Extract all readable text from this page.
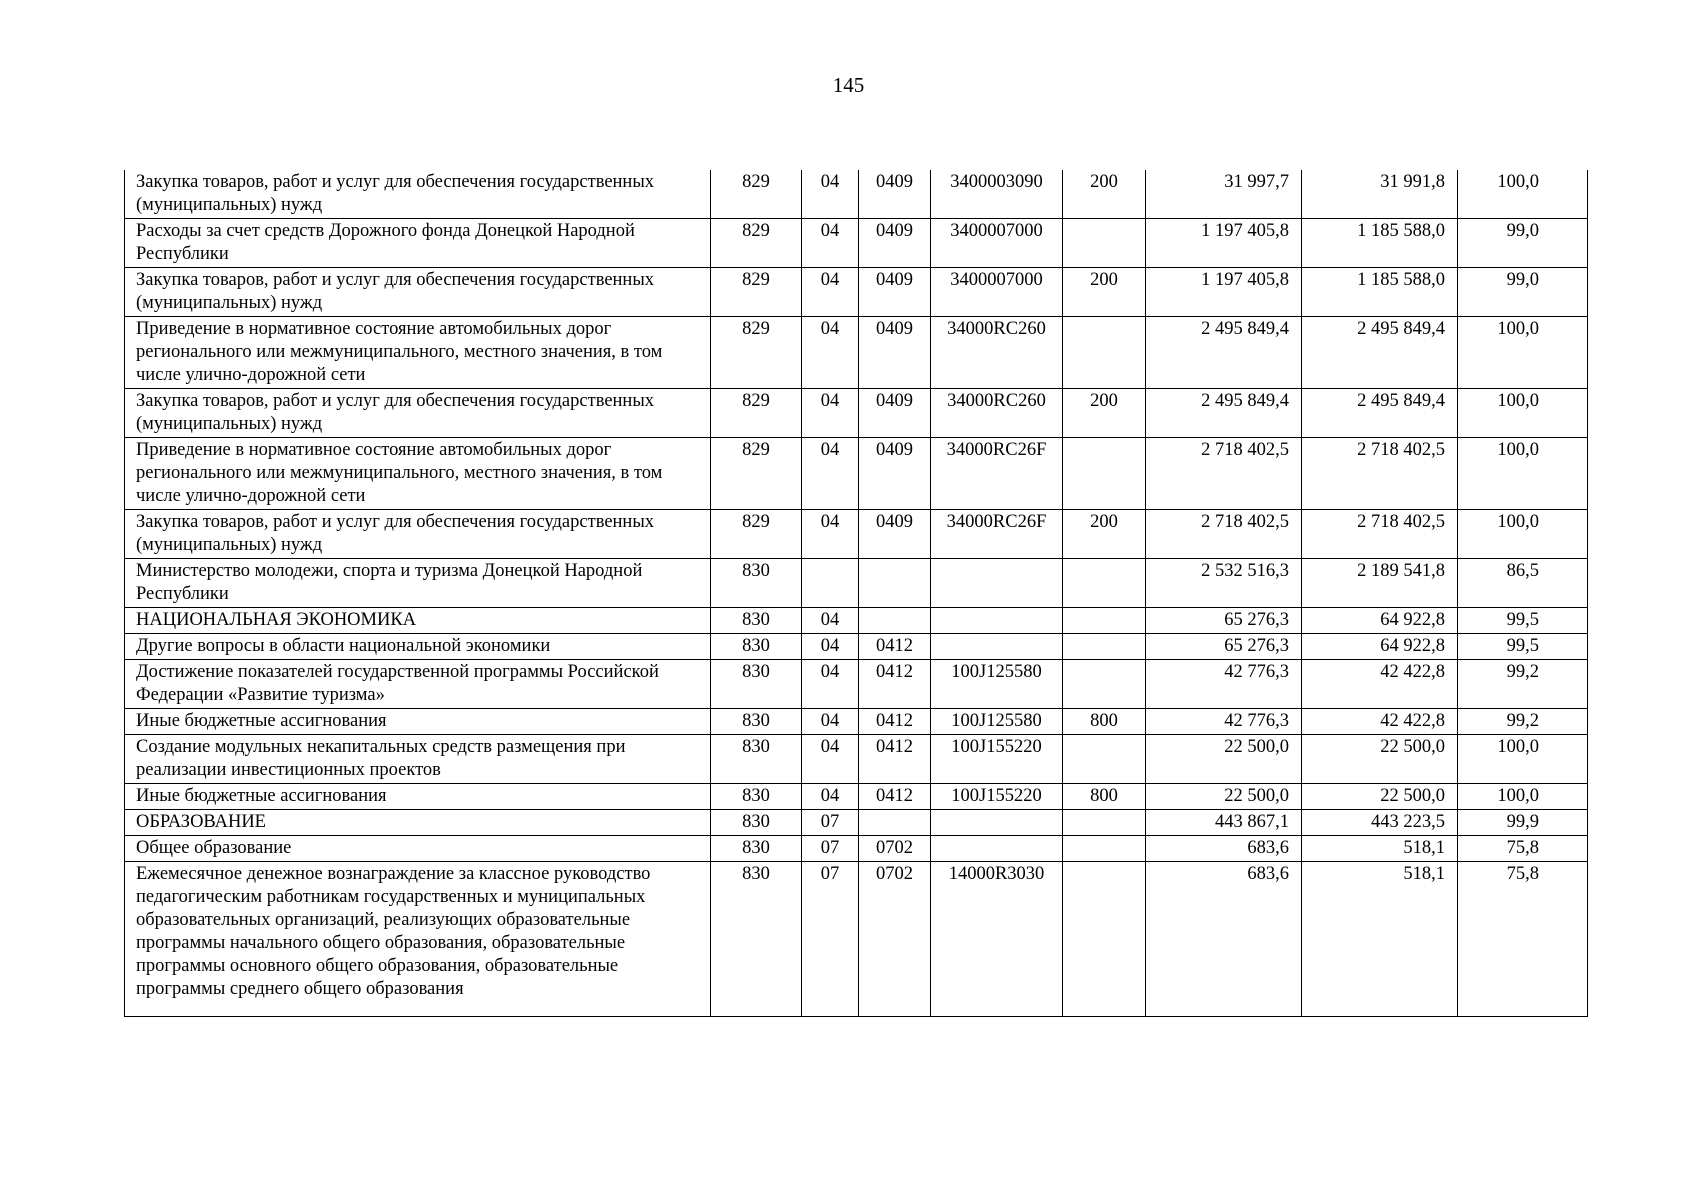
145
Закупка товаров, работ и услуг для обеспечения государственных (муниципальных) нужд	829	04	0409	3400003090	200	31 997,7	31 991,8	100,0
Расходы за счет средств Дорожного фонда Донецкой Народной Республики	829	04	0409	3400007000		1 197 405,8	1 185 588,0	99,0
Закупка товаров, работ и услуг для обеспечения государственных (муниципальных) нужд	829	04	0409	3400007000	200	1 197 405,8	1 185 588,0	99,0
Приведение в нормативное состояние автомобильных дорог регионального или межмуниципального, местного значения, в том числе улично-дорожной сети	829	04	0409	34000RC260		2 495 849,4	2 495 849,4	100,0
Закупка товаров, работ и услуг для обеспечения государственных (муниципальных) нужд	829	04	0409	34000RC260	200	2 495 849,4	2 495 849,4	100,0
Приведение в нормативное состояние автомобильных дорог регионального или межмуниципального, местного значения, в том числе улично-дорожной сети	829	04	0409	34000RC26F		2 718 402,5	2 718 402,5	100,0
Закупка товаров, работ и услуг для обеспечения государственных (муниципальных) нужд	829	04	0409	34000RC26F	200	2 718 402,5	2 718 402,5	100,0
Министерство молодежи, спорта и туризма Донецкой Народной Республики	830					2 532 516,3	2 189 541,8	86,5
НАЦИОНАЛЬНАЯ ЭКОНОМИКА	830	04				65 276,3	64 922,8	99,5
Другие вопросы в области национальной экономики	830	04	0412			65 276,3	64 922,8	99,5
Достижение показателей государственной программы Российской Федерации «Развитие туризма»	830	04	0412	100J125580		42 776,3	42 422,8	99,2
Иные бюджетные ассигнования	830	04	0412	100J125580	800	42 776,3	42 422,8	99,2
Создание модульных некапитальных средств размещения при реализации инвестиционных проектов	830	04	0412	100J155220		22 500,0	22 500,0	100,0
Иные бюджетные ассигнования	830	04	0412	100J155220	800	22 500,0	22 500,0	100,0
ОБРАЗОВАНИЕ	830	07				443 867,1	443 223,5	99,9
Общее образование	830	07	0702			683,6	518,1	75,8
Ежемесячное денежное вознаграждение за классное руководство педагогическим работникам государственных и муниципальных образовательных организаций, реализующих образовательные программы начального общего образования, образовательные программы основного общего образования, образовательные программы среднего общего образования	830	07	0702	14000R3030		683,6	518,1	75,8
